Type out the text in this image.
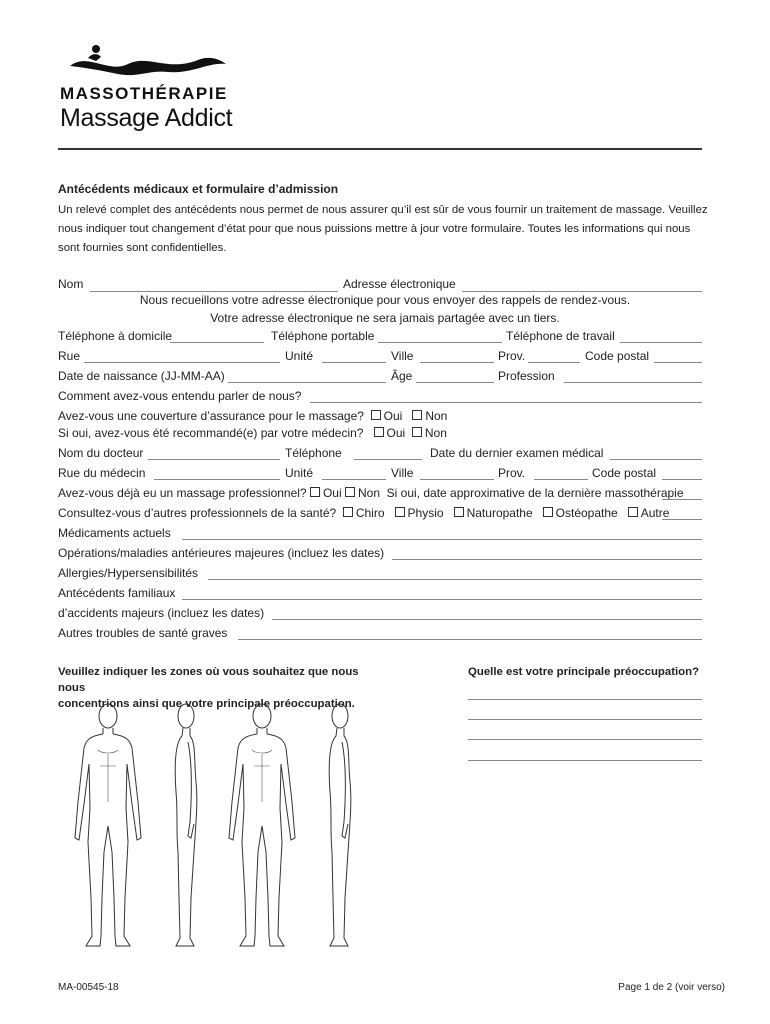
MASSOTHÉRAPIE
Massage Addict
Antécédents médicaux et formulaire d’admission
Un relevé complet des antécédents nous permet de nous assurer qu’il est sûr de vous fournir un traitement de massage. Veuillez nous indiquer tout changement d’état pour que nous puissions mettre à jour votre formulaire. Toutes les informations qui nous sont fournies sont confidentielles.
Nom	Adresse électronique
Nous recueillons votre adresse électronique pour vous envoyer des rappels de rendez-vous.
Votre adresse électronique ne sera jamais partagée avec un tiers.
Téléphone à domicile	Téléphone portable	Téléphone de travail
Rue	Unité	Ville	Prov.	Code postal
Date de naissance (JJ-MM-AA)	Âge	Profession
Comment avez-vous entendu parler de nous?
Avez-vous une couverture d’assurance pour le massage? Oui Non
Si oui, avez-vous été recommandé(e) par votre médecin? Oui Non
Nom du docteur	Téléphone	Date du dernier examen médical
Rue du médecin	Unité	Ville	Prov.	Code postal
Avez-vous déjà eu un massage professionnel? Oui Non Si oui, date approximative de la dernière massothérapie
Consultez-vous d’autres professionnels de la santé? Chiro Physio Naturopathe Ostéopathe Autre
Médicaments actuels
Opérations/maladies antérieures majeures (incluez les dates)
Allergies/Hypersensibilités
Antécédents familiaux
d’accidents majeurs (incluez les dates)
Autres troubles de santé graves
Veuillez indiquer les zones où vous souhaitez que nous nous
concentrions ainsi que votre principale préoccupation.
Quelle est votre principale préoccupation?
MA-00545-18	Page 1 de 2 (voir verso)
